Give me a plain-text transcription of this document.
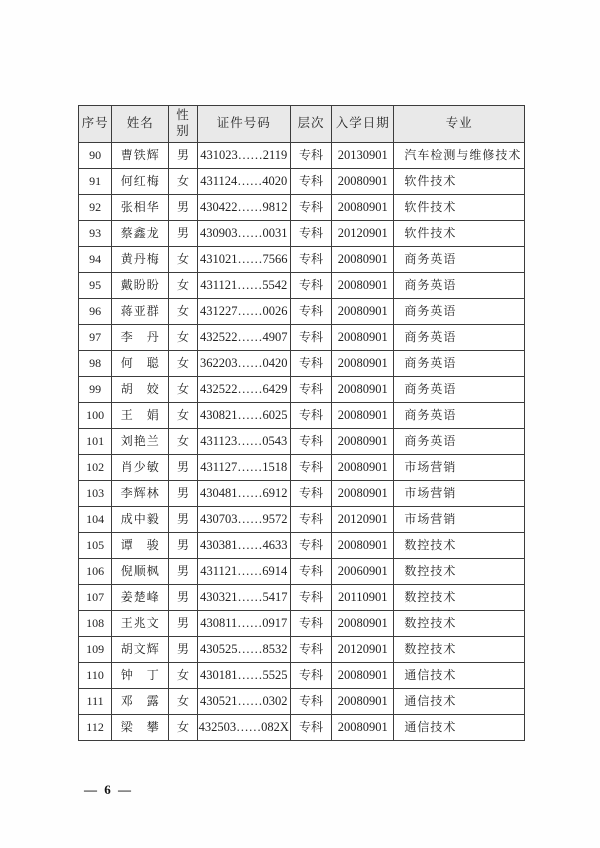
序号	姓名	性别	证件号码	层次	入学日期	专业
90	曹铁辉	男	431023……2119	专科	20130901	汽车检测与维修技术
91	何红梅	女	431124……4020	专科	20080901	软件技术
92	张相华	男	430422……9812	专科	20080901	软件技术
93	蔡鑫龙	男	430903……0031	专科	20120901	软件技术
94	黄丹梅	女	431021……7566	专科	20080901	商务英语
95	戴盼盼	女	431121……5542	专科	20080901	商务英语
96	蒋亚群	女	431227……0026	专科	20080901	商务英语
97	李　丹	女	432522……4907	专科	20080901	商务英语
98	何　聪	女	362203……0420	专科	20080901	商务英语
99	胡　姣	女	432522……6429	专科	20080901	商务英语
100	王　娟	女	430821……6025	专科	20080901	商务英语
101	刘艳兰	女	431123……0543	专科	20080901	商务英语
102	肖少敏	男	431127……1518	专科	20080901	市场营销
103	李辉林	男	430481……6912	专科	20080901	市场营销
104	成中毅	男	430703……9572	专科	20120901	市场营销
105	谭　骏	男	430381……4633	专科	20080901	数控技术
106	倪顺枫	男	431121……6914	专科	20060901	数控技术
107	姜楚峰	男	430321……5417	专科	20110901	数控技术
108	王兆文	男	430811……0917	专科	20080901	数控技术
109	胡文辉	男	430525……8532	专科	20120901	数控技术
110	钟　丁	女	430181……5525	专科	20080901	通信技术
111	邓　露	女	430521……0302	专科	20080901	通信技术
112	梁　攀	女	432503……082X	专科	20080901	通信技术
— 6 —
